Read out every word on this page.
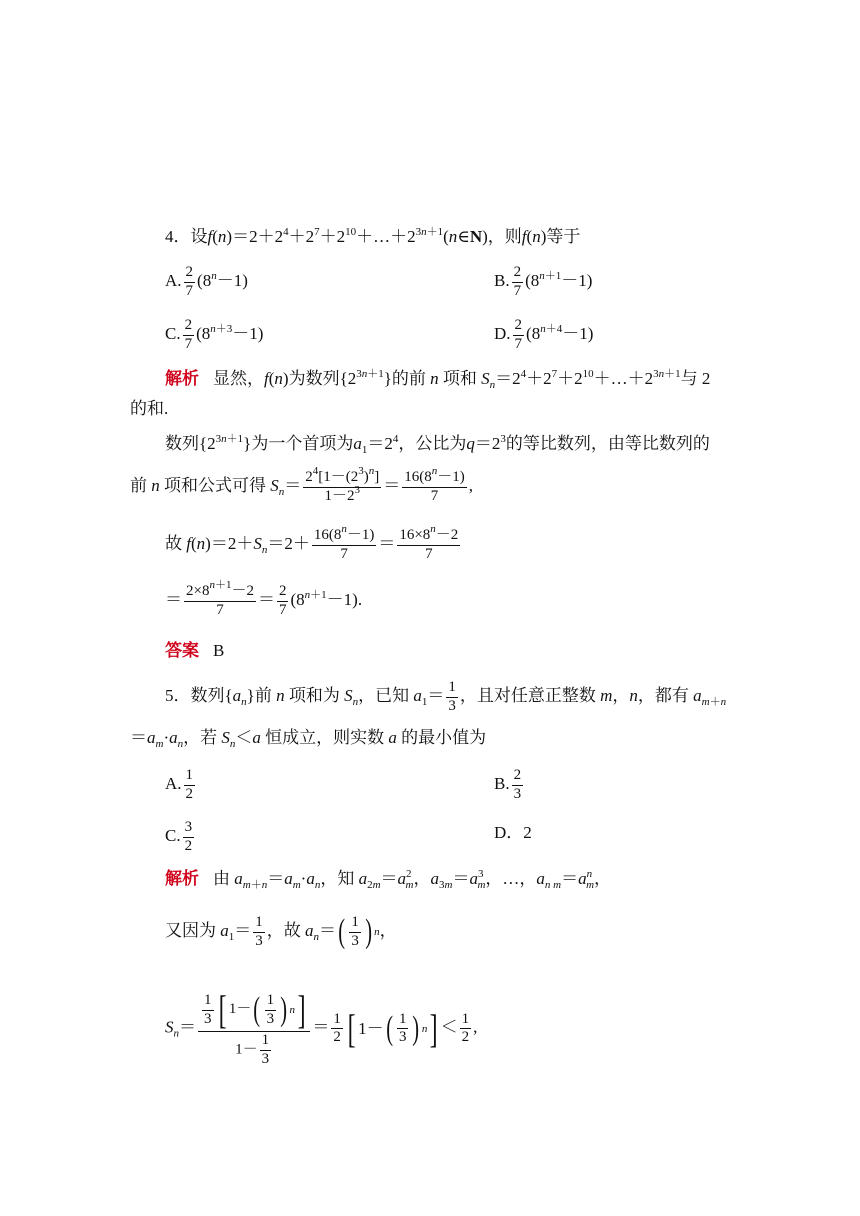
4．设$f(n)=2+2^4+2^7+2^{10}+\dots+2^{3n+1}(n\in N)$，则f(n)等于
A. $\frac{2}{7} (8^n-1)$	B. $\frac{2}{7} (8^{n+1}-1)$
C. $\frac{2}{7} (8^{n+3}-1)$	D. $\frac{2}{7} (8^{n+4}-1)$
解析 显然，f(n)为数列$\{2^{3n+1}\}$的前 n 项和 $S_n=2^4+2^7+2^{10}+\dots+2^{3n+1}$与 2
的和.
数列$\{2^{3n+1}\}$为一个首项为$a_1=2^4$，公比为$q=2^3$的等比数列，由等比数列的
前 n 项和公式可得 $S_n= \frac{2^4[1-(2^3)^n]}{1-2^3} = \frac{16(8^n-1)}{7}$ ,
故 $f(n)=2+S_n=2+ \frac{16(8^n-1)}{7} = \frac{16\times 8^n-2}{7}$
＝ $\frac{2\times 8^{n+1}-2}{7} = \frac{2}{7} (8^{n+1}-1)$.
答案 B
5．数列$\{a_n\}$前 n 项和为 $S_n$，已知 $a_1= \frac{1}{3}$ ，且对任意正整数 m，n，都有 $a_{m+n}$
$=a_m\cdot a_n$，若 $S_n<a$ 恒成立，则实数 a 的最小值为
A. $\frac{1}{2}$	B. $\frac{2}{3}$
C. $\frac{3}{2}$	D．2
解析 由 $a_{m+n}=a_m\cdot a_n$，知 $a_{2m}=a^2_m$，$a_{3m}=a^3_m$，…，$a_{n m}=a^n_m$，
又因为 $a_1= \frac{1}{3}$ ，故 $a_n=$ ( $\frac{1}{3}$ ) n ，
$S_n= \frac{\frac{1}{3} [ 1- ( \frac{1}{3} ) n ]}{1- \frac{1}{3}} = \frac{1}{2}$ [ 1－ ( $\frac{1}{3}$ ) n ] ＜ $\frac{1}{2}$ ,
